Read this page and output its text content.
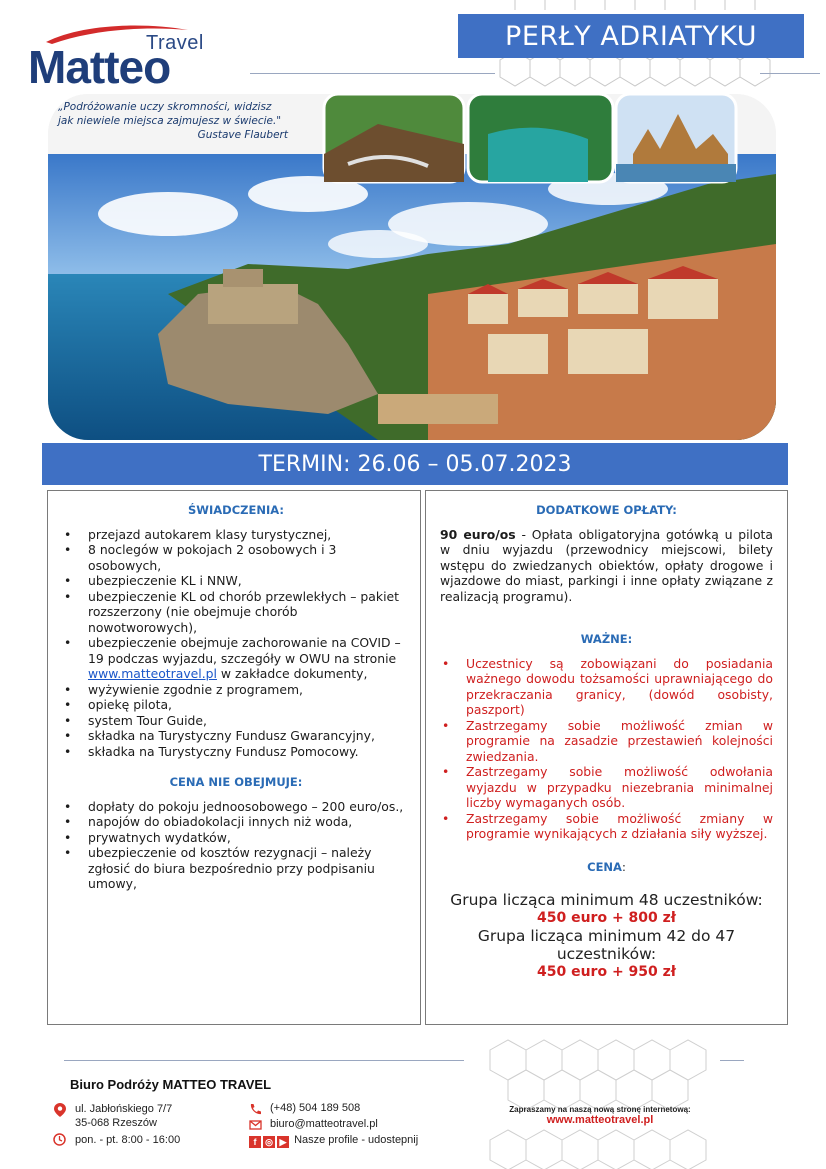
Travel
Matteo
PERŁY ADRIATYKU
„Podróżowanie uczy skromności, widzisz
jak niewiele miejsca zajmujesz w świecie."
Gustave Flaubert
TERMIN: 26.06 – 05.07.2023
ŚWIADCZENIA:
• przejazd autokarem klasy turystycznej,
• 8 noclegów w pokojach 2 osobowych i 3 osobowych,
• ubezpieczenie KL i NNW,
• ubezpieczenie KL od chorób przewlekłych – pakiet rozszerzony (nie obejmuje chorób nowotworowych),
• ubezpieczenie obejmuje zachorowanie na COVID – 19 podczas wyjazdu, szczegóły w OWU na stronie www.matteotravel.pl w zakładce dokumenty,
• wyżywienie zgodnie z programem,
• opiekę pilota,
• system Tour Guide,
• składka na Turystyczny Fundusz Gwarancyjny,
• składka na Turystyczny Fundusz Pomocowy.
CENA NIE OBEJMUJE:
• dopłaty do pokoju jednoosobowego – 200 euro/os.,
• napojów do obiadokolacji innych niż woda,
• prywatnych wydatków,
• ubezpieczenie od kosztów rezygnacji – należy zgłosić do biura bezpośrednio przy podpisaniu umowy,
DODATKOWE OPŁATY:

90 euro/os - Opłata obligatoryjna gotówką u pilota w dniu wyjazdu (przewodnicy miejscowi, bilety wstępu do zwiedzanych obiektów, opłaty drogowe i wjazdowe do miast, parkingi i inne opłaty związane z realizacją programu).

WAŻNE:
• Uczestnicy są zobowiązani do posiadania ważnego dowodu tożsamości uprawniającego do przekraczania granicy, (dowód osobisty, paszport)
• Zastrzegamy sobie możliwość zmian w programie na zasadzie przestawień kolejności zwiedzania.
• Zastrzegamy sobie możliwość odwołania wyjazdu w przypadku niezebrania minimalnej liczby wymaganych osób.
• Zastrzegamy sobie możliwość zmiany w programie wynikających z działania siły wyższej.
CENA:
Grupa licząca minimum 48 uczestników:
450 euro + 800 zł
Grupa licząca minimum 42 do 47 uczestników:
450 euro + 950 zł
Biuro Podróży MATTEO TRAVEL
ul. Jabłońskiego 7/7
35-068 Rzeszów
pon. - pt. 8:00 - 16:00
(+48) 504 189 508
biuro@matteotravel.pl
f ◎ ▶ Nasze profile - udostepnij
Zapraszamy na naszą nową stronę internetową:
www.matteotravel.pl
